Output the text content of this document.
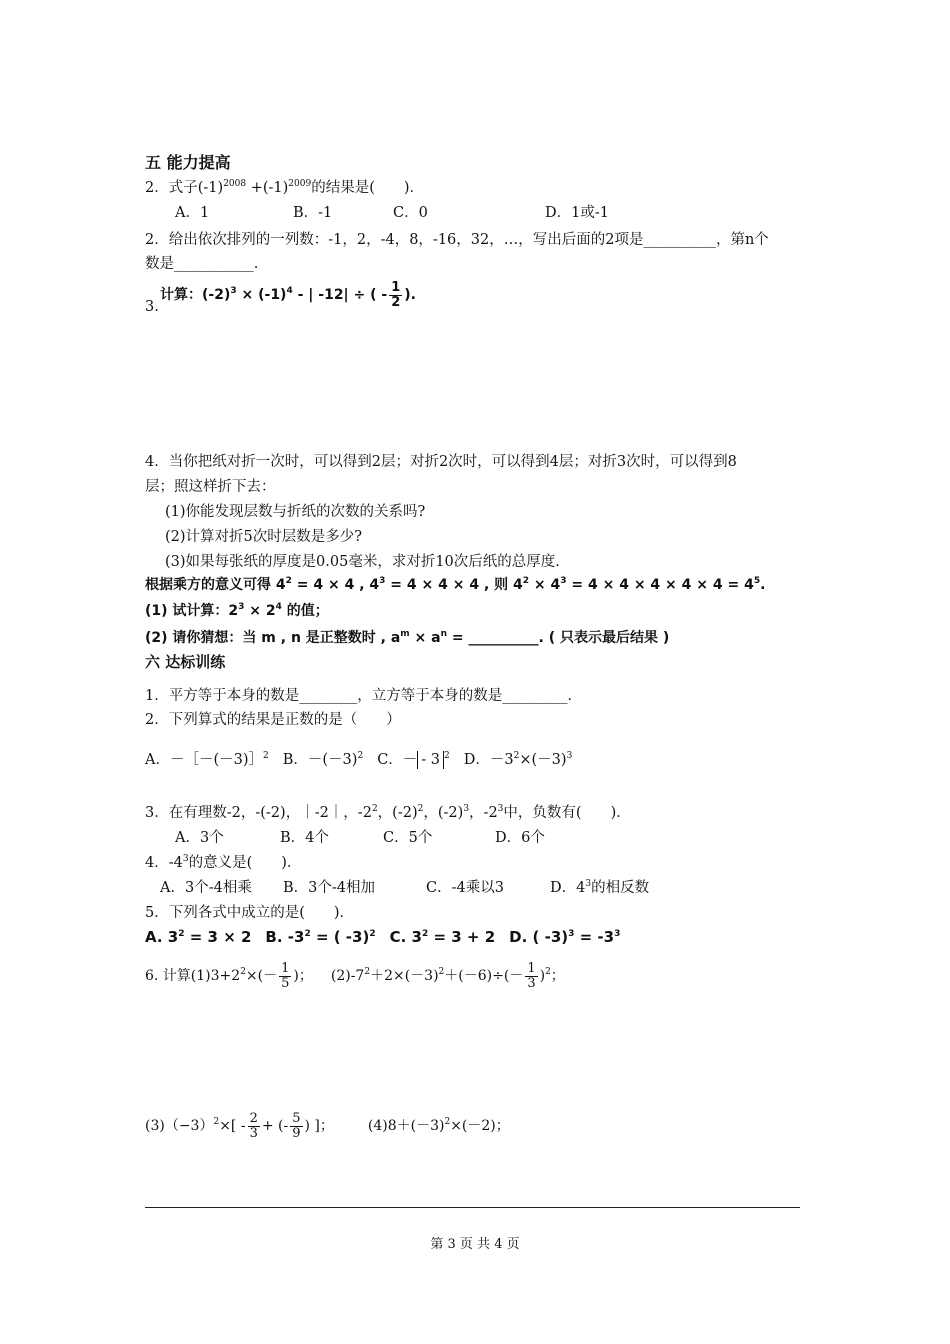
五 能力提高
2．式子$(-1)^{2008} +(-1)^{2009}$的结果是(　　)．
A．1	B．-1	C．0	D．1或-1
2．给出依次排列的一列数：-1，2，-4，8，-16，32，…，写出后面的2项是__________，第n个
数是___________.
3.
计算：$(-2)^3 \times (-1)^4$ - | -12| ÷ ( - $\frac{1}{2}$ ).
4．当你把纸对折一次时，可以得到2层；对折2次时，可以得到4层；对折3次时，可以得到8
层；照这样折下去：
(1)你能发现层数与折纸的次数的关系吗?
(2)计算对折5次时层数是多少?
(3)如果每张纸的厚度是0.05毫米，求对折10次后纸的总厚度.
根据乘方的意义可得 $4^2 = 4 \times 4$ , $4^3 = 4 \times 4 \times 4$ , 则 $4^2 \times 4^3 = 4 \times 4 \times 4 \times 4 \times 4 = 4^5$.
(1) 试计算：$2^3 \times 2^4$ 的值；
(2) 请你猜想：当 m , n 是正整数时 , $a^m \times a^n$ = __________. ( 只表示最后结果 )
六 达标训练
1．平方等于本身的数是________，立方等于本身的数是_________．
2．下列算式的结果是正数的是（　　）
A．－［－(－3)］$^2$ B．$-(-3)^2$ C．－ - 3 $^2$ D．$-3^2\times(-3)^3$
3．在有理数-2，-(-2)，｜-2｜，$-2^2$，$(-2)^2$，$(-2)^3$，$-2^3$中，负数有(　　)．
A．3个	B．4个	C．5个	D．6个
4．$-4^3$的意义是(　　)．
A．3个-4相乘 B．3个-4相加	C．-4乘以3	D．$4^3$的相反数
5．下列各式中成立的是(　　)．
A. $3^2 = 3 \times 2$ B. $-3^2$ = ( -3)$^2$ C. $3^2 = 3 + 2$ D. ( $-3)^3 = -3^3$
6. 计算$(1)3+2^2\times(- \frac{1}{5}$ )； $(2)-7^2+2\times(-3)^2+(-6)\div(- \frac{1}{3} )^2$；
$(3)(-3)^2\times[ - \frac{2}{3}$ + (- $\frac{5}{9}$ ) ]； $(4)8+(-3)^2\times(-2)$；
第 3 页 共 4 页
